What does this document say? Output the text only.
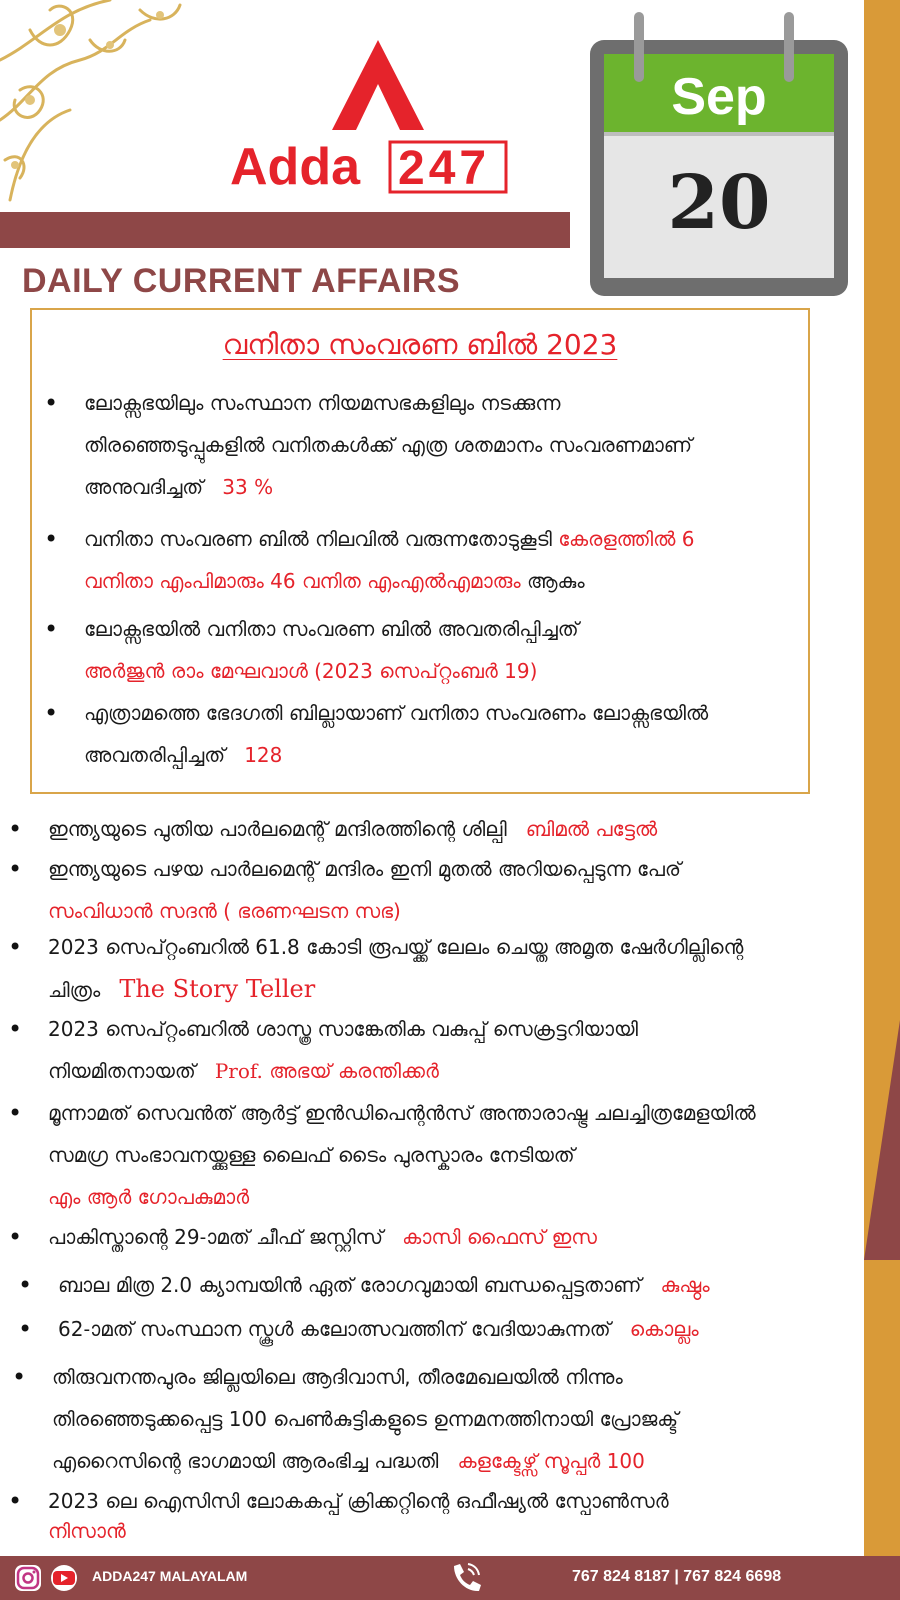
Adda 247
DAILY CURRENT AFFAIRS
Sep
20
വനിതാ സംവരണ ബിൽ 2023

• ലോക്സഭയിലും സംസ്ഥാന നിയമസഭകളിലും നടക്കുന്ന
തിരഞ്ഞെടുപ്പുകളിൽ വനിതകൾക്ക് എത്ര ശതമാനം സംവരണമാണ്
അനുവദിച്ചത് 33 %

• വനിതാ സംവരണ ബിൽ നിലവിൽ വരുന്നതോടുകൂടി കേരളത്തിൽ 6
വനിതാ എംപിമാരും 46 വനിത എംഎൽഎമാരും ആകും

• ലോക്സഭയിൽ വനിതാ സംവരണ ബിൽ അവതരിപ്പിച്ചത്
അർജുൻ രാം മേഘവാൾ (2023 സെപ്റ്റംബർ 19)

• എത്രാമത്തെ ഭേദഗതി ബില്ലായാണ് വനിതാ സംവരണം ലോക്സഭയിൽ
അവതരിപ്പിച്ചത് 128

• ഇന്ത്യയുടെ പുതിയ പാർലമെന്റ് മന്ദിരത്തിന്റെ ശില്പി ബിമൽ പട്ടേൽ

• ഇന്ത്യയുടെ പഴയ പാർലമെന്റ് മന്ദിരം ഇനി മുതൽ അറിയപ്പെടുന്ന പേര്
സംവിധാൻ സദൻ ( ഭരണഘടന സഭ)

• 2023 സെപ്റ്റംബറിൽ 61.8 കോടി രൂപയ്ക്ക് ലേലം ചെയ്ത അമൃത ഷേർഗില്ലിന്റെ
ചിത്രം The Story Teller

• 2023 സെപ്റ്റംബറിൽ ശാസ്ത്ര സാങ്കേതിക വകുപ്പ് സെക്രട്ടറിയായി
നിയമിതനായത് Prof. അഭയ് കരന്തിക്കർ

• മൂന്നാമത് സെവൻത് ആർട്ട് ഇൻഡിപെന്റൻസ് അന്താരാഷ്ട്ര ചലച്ചിത്രമേളയിൽ
സമഗ്ര സംഭാവനയ്ക്കുള്ള ലൈഫ് ടൈം പുരസ്കാരം നേടിയത്
എം ആർ ഗോപകുമാർ

• പാകിസ്താന്റെ 29-ാമത് ചീഫ് ജസ്റ്റിസ് കാസി ഫൈസ് ഇസ

• ബാല മിത്ര 2.0 ക്യാമ്പയിൻ ഏത് രോഗവുമായി ബന്ധപ്പെട്ടതാണ് കുഷ്ഠം

• 62-ാമത് സംസ്ഥാന സ്കൂൾ കലോത്സവത്തിന് വേദിയാകുന്നത് കൊല്ലം

• തിരുവനന്തപുരം ജില്ലയിലെ ആദിവാസി, തീരമേഖലയിൽ നിന്നും
തിരഞ്ഞെടുക്കപ്പെട്ട 100 പെൺകുട്ടികളുടെ ഉന്നമനത്തിനായി പ്രോജക്ട്
എറൈസിന്റെ ഭാഗമായി ആരംഭിച്ച പദ്ധതി കളക്ടേഴ്സ് സൂപ്പർ 100

• 2023 ലെ ഐസിസി ലോകകപ്പ് ക്രിക്കറ്റിന്റെ ഒഫീഷ്യൽ സ്പോൺസർ
നിസാൻ

ADDA247 MALAYALAM	767 824 8187 | 767 824 6698
